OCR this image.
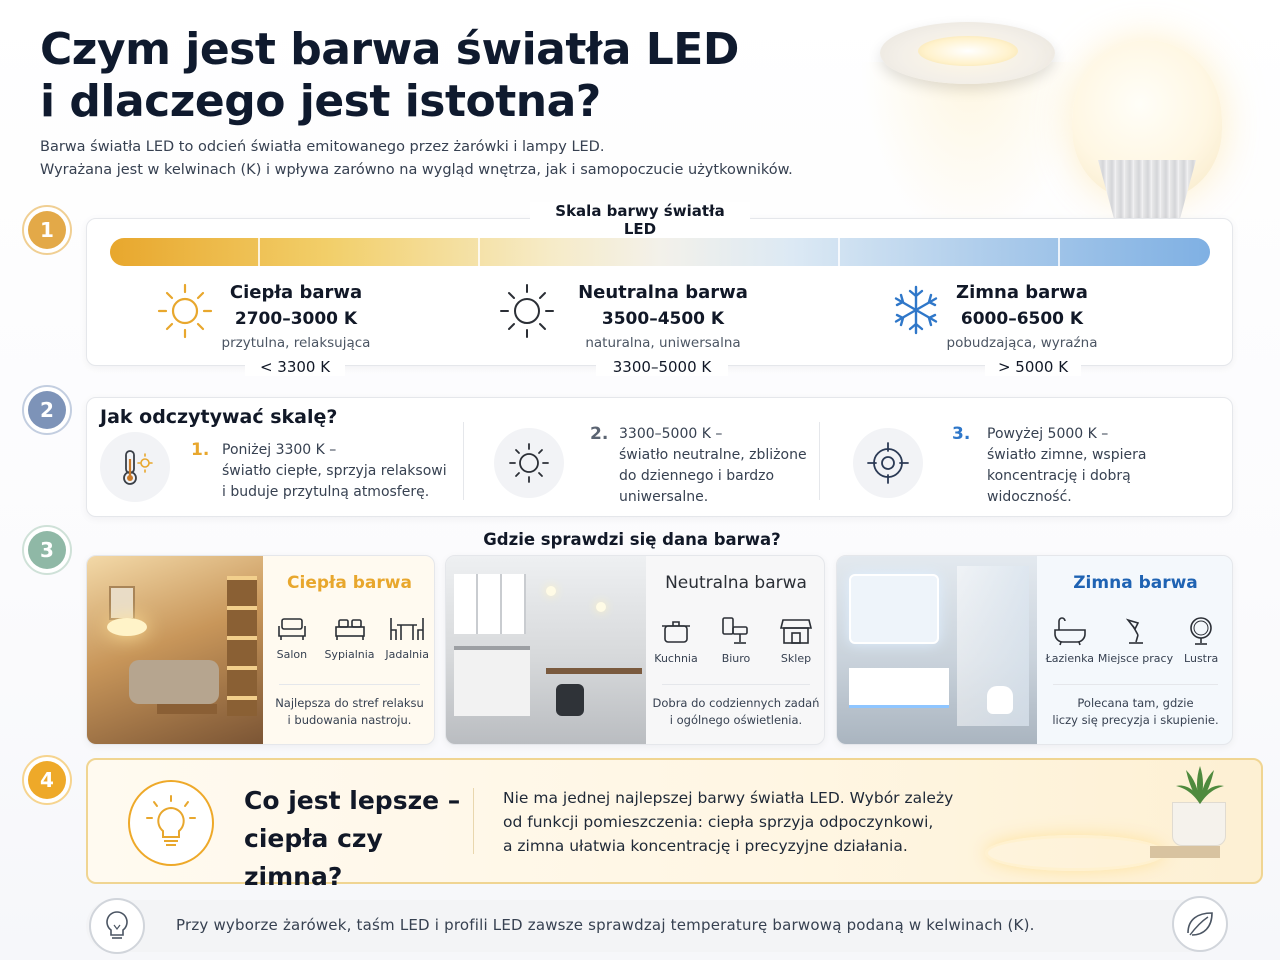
Czym jest barwa światła LED
i dlaczego jest istotna?

Barwa światła LED to odcień światła emitowanego przez żarówki i lampy LED.
Wyrażana jest w kelwinach (K) i wpływa zarówno na wygląd wnętrza, jak i samopoczucie użytkowników.

1
Skala barwy światła LED
Ciepła barwa
2700–3000 K
przytulna, relaksująca
Neutralna barwa
3500–4500 K
naturalna, uniwersalna
Zimna barwa
6000–6500 K
pobudzająca, wyraźna
< 3300 K	3300–5000 K	> 5000 K
2	Jak odczytywać skalę?
1. Poniżej 3300 K –
światło ciepłe, sprzyja relaksowi
i buduje przytulną atmosferę.
2. 3300–5000 K –
światło neutralne, zbliżone
do dziennego i bardzo
uniwersalne.
3. Powyżej 5000 K –
światło zimne, wspiera
koncentrację i dobrą
widoczność.
3	Gdzie sprawdzi się dana barwa?
Ciepła barwa
Salon Sypialnia Jadalnia
Najlepsza do stref relaksu
i budowania nastroju.
Neutralna barwa
Kuchnia Biuro	Sklep
Dobra do codziennych zadań
i ogólnego oświetlenia.
Zimna barwa
Łazienka Miejsce pracy Lustra
Polecana tam, gdzie
liczy się precyzja i skupienie.
4
Co jest lepsze –
ciepła czy zimna?
Nie ma jednej najlepszej barwy światła LED. Wybór zależy
od funkcji pomieszczenia: ciepła sprzyja odpoczynkowi,
a zimna ułatwia koncentrację i precyzyjne działania.
Przy wyborze żarówek, taśm LED i profili LED zawsze sprawdzaj temperaturę barwową podaną w kelwinach (K).
